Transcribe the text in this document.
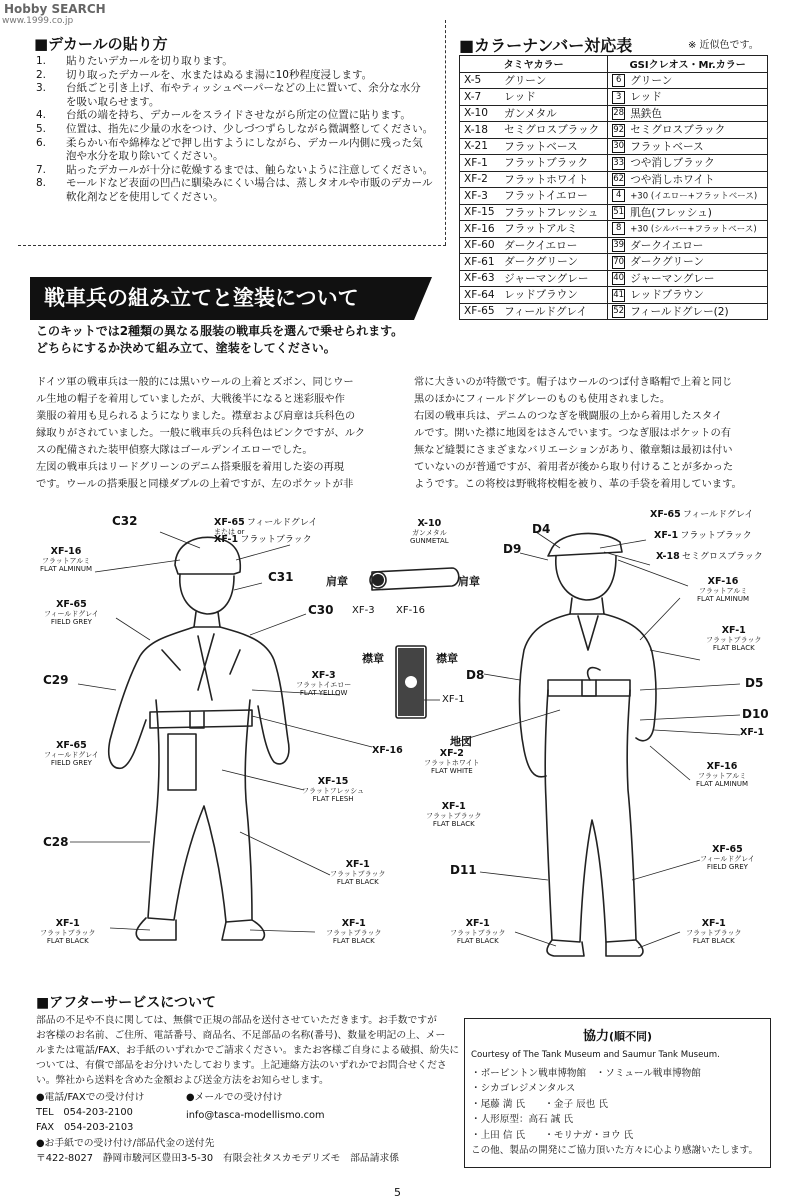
Hobby SEARCH
www.1999.co.jp
■デカールの貼り方
1. 貼りたいデカールを切り取ります。
2. 切り取ったデカールを、水またはぬるま湯に10秒程度浸します。
3. 台紙ごと引き上げ、布やティッシュペーパーなどの上に置いて、余分な水分
を吸い取らせます。
4. 台紙の端を持ち、デカールをスライドさせながら所定の位置に貼ります。
5. 位置は、指先に少量の水をつけ、少しづつずらしながら微調整してください。
6. 柔らかい布や綿棒などで押し出すようにしながら、デカール内側に残った気
泡や水分を取り除いてください。
7. 貼ったデカールが十分に乾燥するまでは、触らないように注意してください。
8. モールドなど表面の凹凸に馴染みにくい場合は、蒸しタオルや市販のデカール
軟化剤などを使用してください。
■カラーナンバー対応表	※ 近似色です。
タミヤカラー		GSIクレオス・Mr.カラー
X-5	グリーン	6 グリーン
X-7	レッド	3 レッド
X-10	ガンメタル	28 黒鉄色
X-18	セミグロスブラック	92 セミグロスブラック
X-21	フラットベース	30 フラットベース
XF-1	フラットブラック	33 つや消しブラック
XF-2	フラットホワイト	62 つや消しホワイト
XF-3	フラットイエロー	4 +30 (イエロー+フラットベース)
XF-15	フラットフレッシュ	51 肌色(フレッシュ)
XF-16	フラットアルミ	8 +30 (シルバー+フラットベース)
XF-60	ダークイエロー	39 ダークイエロー
XF-61	ダークグリーン	70 ダークグリーン
XF-63	ジャーマングレー	40 ジャーマングレー
XF-64	レッドブラウン	41 レッドブラウン
XF-65	フィールドグレイ	52 フィールドグレー(2)
戦車兵の組み立てと塗装について
このキットでは2種類の異なる服装の戦車兵を選んで乗せられます。
どちらにするか決めて組み立て、塗装をしてください。
ドイツ軍の戦車兵は一般的には黒いウールの上着とズボン、同じウー
ル生地の帽子を着用していましたが、大戦後半になると迷彩服や作
業服の着用も見られるようになりました。襟章および肩章は兵科色の
縁取りがされていました。一般に戦車兵の兵科色はピンクですが、ルク
スの配備された装甲偵察大隊はゴールデンイエローでした。
左図の戦車兵はリードグリーンのデニム搭乗服を着用した姿の再現
です。ウールの搭乗服と同様ダブルの上着ですが、左のポケットが非
常に大きいのが特徴です。帽子はウールのつば付き略帽で上着と同じ
黒のほかにフィールドグレーのものも使用されました。
右図の戦車兵は、デニムのつなぎを戦闘服の上から着用したスタイ
ルです。開いた襟に地図をはさんでいます。つなぎ服はポケットの有
無など縫製にさまざまなバリエーションがあり、徽章類は最初は付い
ていないのが普通ですが、着用者が後から取り付けることが多かった
ようです。この将校は野戦将校帽を被り、革の手袋を着用しています。
C32
C31
C30
C29
C28
D4
D9
D8
D5
D10
D11
肩章	肩章
襟章	襟章
地図
XF-3 XF-16
XF-1
XF-65 フィールドグレイ
または or
XF-1 フラットブラック
XF-16
フラットアルミ
FLAT ALMINUM
XF-65
フィールドグレイ
FIELD GREY
XF-3
フラットイエロー
FLAT YELLOW
XF-16
XF-65
フィールドグレイ
FIELD GREY
XF-15
フラットフレッシュ
FLAT FLESH
XF-1
フラットブラック
FLAT BLACK
XF-1
フラットブラック
FLAT BLACK
XF-1
フラットブラック
FLAT BLACK
X-10
ガンメタル
GUNMETAL
XF-65 フィールドグレイ
XF-1 フラットブラック
X-18 セミグロスブラック
XF-16
フラットアルミ
FLAT ALMINUM
XF-1
フラットブラック
FLAT BLACK
XF-1
XF-16
フラットアルミ
FLAT ALMINUM
XF-2
フラットホワイト
FLAT WHITE
XF-1
フラットブラック
FLAT BLACK
XF-65
フィールドグレイ
FIELD GREY
XF-1
フラットブラック
FLAT BLACK
XF-1
フラットブラック
FLAT BLACK
■アフターサービスについて
部品の不足や不良に関しては、無償で正規の部品を送付させていただきます。お手数ですが
お客様のお名前、ご住所、電話番号、商品名、不足部品の名称(番号)、数量を明記の上、メー
ルまたは電話/FAX、お手紙のいずれかでご請求ください。またお客様ご自身による破損、紛失に
ついては、有償で部品をお分けいたしております。上記連絡方法のいずれかでお問合せくださ
い。弊社から送料を含めた金額および送金方法をお知らせします。
●電話/FAXでの受け付け
TEL　054-203-2100
FAX　054-203-2103
●メールでの受け付け
info@tasca-modellismo.com
●お手紙での受け付け/部品代金の送付先
〒422-8027　静岡市駿河区豊田3-5-30　有限会社タスカモデリズモ　部品請求係
協力(順不同)
Courtesy of The Tank Museum and Saumur Tank Museum.
・ボービントン戦車博物館　・ソミュール戦車博物館
・シカゴレジメンタルス
・尾藤 満 氏　　・金子 辰也 氏
・人形原型：高石 誠 氏
・上田 信 氏　　・モリナガ・ヨウ 氏
この他、製品の開発にご協力頂いた方々に心より感謝いたします。
5
